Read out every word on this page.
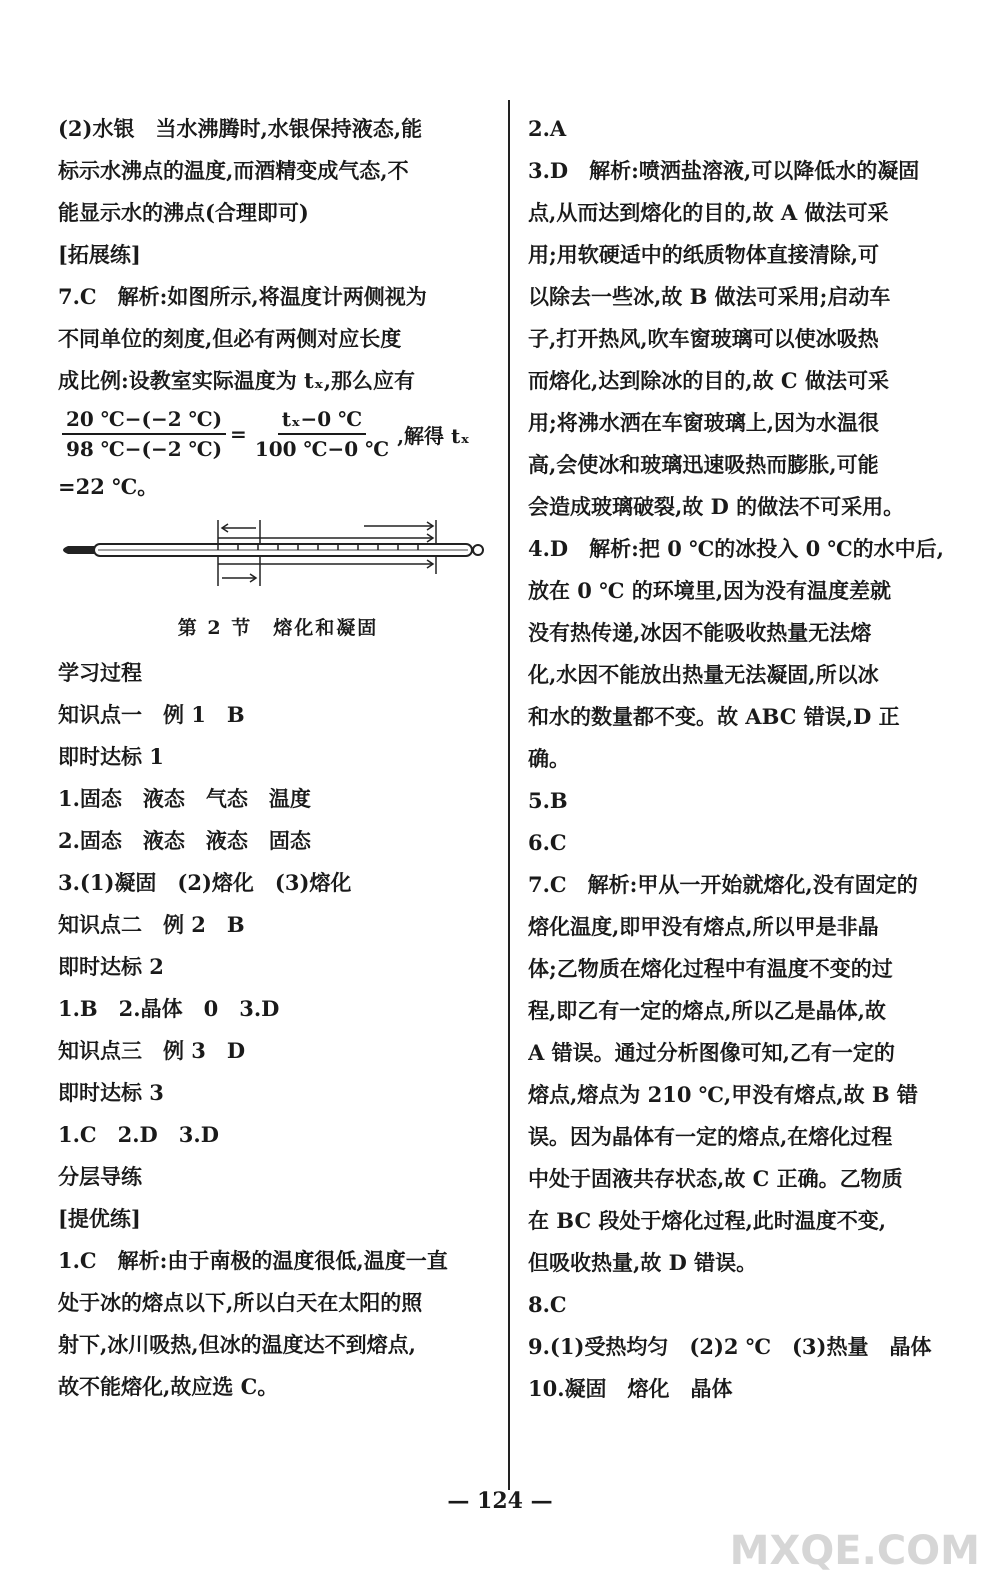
(2)水银　当水沸腾时,水银保持液态,能
标示水沸点的温度,而酒精变成气态,不
能显示水的沸点(合理即可)
[拓展练]
7.C　解析:如图所示,将温度计两侧视为
不同单位的刻度,但必有两侧对应长度
成比例:设教室实际温度为 tₓ,那么应有
$\frac{20 ℃-(-2 ℃)}{98 ℃-(-2 ℃)} = \frac{\text{tₓ−0 ℃}}{100 ℃-0 ℃}$ ,解得 tₓ
=22 ℃。
第 2 节　熔化和凝固
学习过程
知识点一　例 1　B
即时达标 1
1.固态　液态　气态　温度
2.固态　液态　液态　固态
3.(1)凝固　(2)熔化　(3)熔化
知识点二　例 2　B
即时达标 2
1.B　2.晶体　0　3.D
知识点三　例 3　D
即时达标 3
1.C　2.D　3.D
分层导练
[提优练]
1.C　解析:由于南极的温度很低,温度一直
处于冰的熔点以下,所以白天在太阳的照
射下,冰川吸热,但冰的温度达不到熔点,
故不能熔化,故应选 C。
2.A
3.D　解析:喷洒盐溶液,可以降低水的凝固
点,从而达到熔化的目的,故 A 做法可采
用;用软硬适中的纸质物体直接清除,可
以除去一些冰,故 B 做法可采用;启动车
子,打开热风,吹车窗玻璃可以使冰吸热
而熔化,达到除冰的目的,故 C 做法可采
用;将沸水洒在车窗玻璃上,因为水温很
高,会使冰和玻璃迅速吸热而膨胀,可能
会造成玻璃破裂,故 D 的做法不可采用。
4.D　解析:把 0 ℃的冰投入 0 ℃的水中后,
放在 0 ℃ 的环境里,因为没有温度差就
没有热传递,冰因不能吸收热量无法熔
化,水因不能放出热量无法凝固,所以冰
和水的数量都不变。故 ABC 错误,D 正
确。
5.B
6.C
7.C　解析:甲从一开始就熔化,没有固定的
熔化温度,即甲没有熔点,所以甲是非晶
体;乙物质在熔化过程中有温度不变的过
程,即乙有一定的熔点,所以乙是晶体,故
A 错误。通过分析图像可知,乙有一定的
熔点,熔点为 210 ℃,甲没有熔点,故 B 错
误。因为晶体有一定的熔点,在熔化过程
中处于固液共存状态,故 C 正确。乙物质
在 BC 段处于熔化过程,此时温度不变,
但吸收热量,故 D 错误。
8.C
9.(1)受热均匀　(2)2 ℃　(3)热量　晶体
10.凝固　熔化　晶体
— 124 —
MXQE.COM
